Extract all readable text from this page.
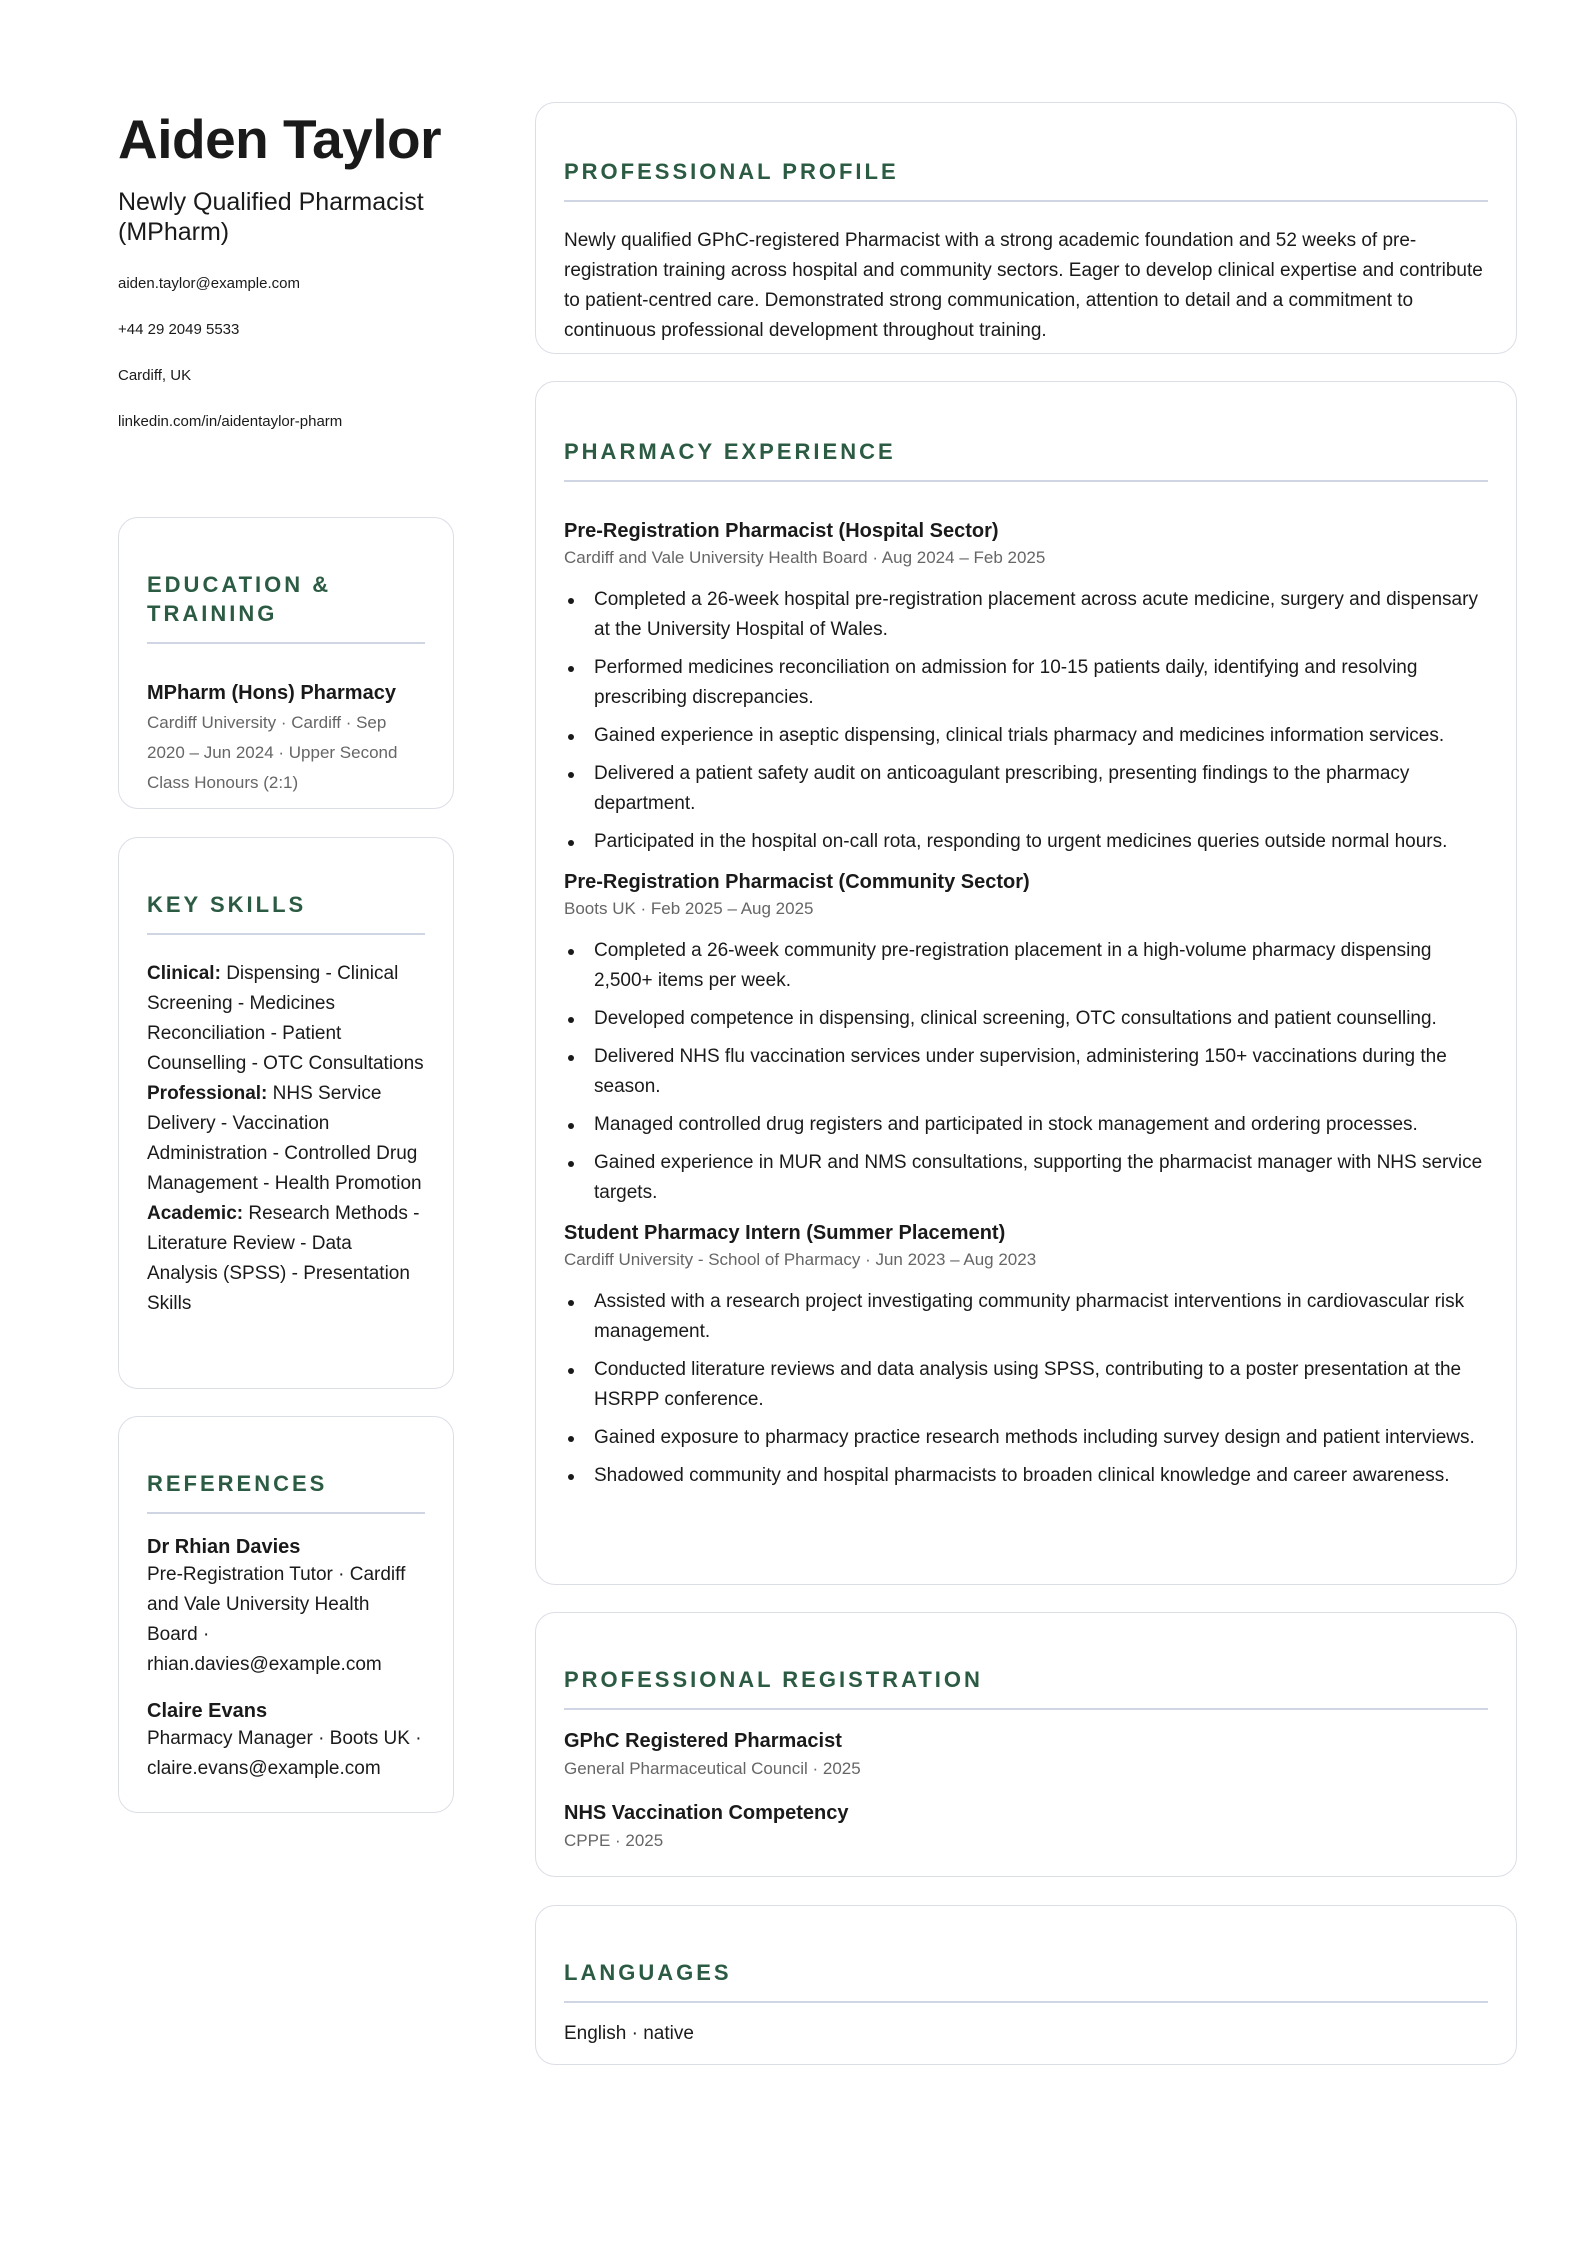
Aiden Taylor
Newly Qualified Pharmacist (MPharm)
aiden.taylor@example.com
+44 29 2049 5533
Cardiff, UK
linkedin.com/in/aidentaylor-pharm
EDUCATION & TRAINING
MPharm (Hons) Pharmacy
Cardiff University · Cardiff · Sep 2020 – Jun 2024 · Upper Second Class Honours (2:1)
KEY SKILLS
Clinical: Dispensing - Clinical Screening - Medicines Reconciliation - Patient Counselling - OTC Consultations
Professional: NHS Service Delivery - Vaccination Administration - Controlled Drug Management - Health Promotion
Academic: Research Methods - Literature Review - Data Analysis (SPSS) - Presentation Skills
REFERENCES
Dr Rhian Davies
Pre-Registration Tutor · Cardiff and Vale University Health Board · rhian.davies@example.com
Claire Evans
Pharmacy Manager · Boots UK · claire.evans@example.com
PROFESSIONAL PROFILE
Newly qualified GPhC-registered Pharmacist with a strong academic foundation and 52 weeks of pre-registration training across hospital and community sectors. Eager to develop clinical expertise and contribute to patient-centred care. Demonstrated strong communication, attention to detail and a commitment to continuous professional development throughout training.
PHARMACY EXPERIENCE
Pre-Registration Pharmacist (Hospital Sector)
Cardiff and Vale University Health Board · Aug 2024 – Feb 2025
Completed a 26-week hospital pre-registration placement across acute medicine, surgery and dispensary at the University Hospital of Wales.
Performed medicines reconciliation on admission for 10-15 patients daily, identifying and resolving prescribing discrepancies.
Gained experience in aseptic dispensing, clinical trials pharmacy and medicines information services.
Delivered a patient safety audit on anticoagulant prescribing, presenting findings to the pharmacy department.
Participated in the hospital on-call rota, responding to urgent medicines queries outside normal hours.
Pre-Registration Pharmacist (Community Sector)
Boots UK · Feb 2025 – Aug 2025
Completed a 26-week community pre-registration placement in a high-volume pharmacy dispensing 2,500+ items per week.
Developed competence in dispensing, clinical screening, OTC consultations and patient counselling.
Delivered NHS flu vaccination services under supervision, administering 150+ vaccinations during the season.
Managed controlled drug registers and participated in stock management and ordering processes.
Gained experience in MUR and NMS consultations, supporting the pharmacist manager with NHS service targets.
Student Pharmacy Intern (Summer Placement)
Cardiff University - School of Pharmacy · Jun 2023 – Aug 2023
Assisted with a research project investigating community pharmacist interventions in cardiovascular risk management.
Conducted literature reviews and data analysis using SPSS, contributing to a poster presentation at the HSRPP conference.
Gained exposure to pharmacy practice research methods including survey design and patient interviews.
Shadowed community and hospital pharmacists to broaden clinical knowledge and career awareness.
PROFESSIONAL REGISTRATION
GPhC Registered Pharmacist
General Pharmaceutical Council · 2025
NHS Vaccination Competency
CPPE · 2025
LANGUAGES
English · native
